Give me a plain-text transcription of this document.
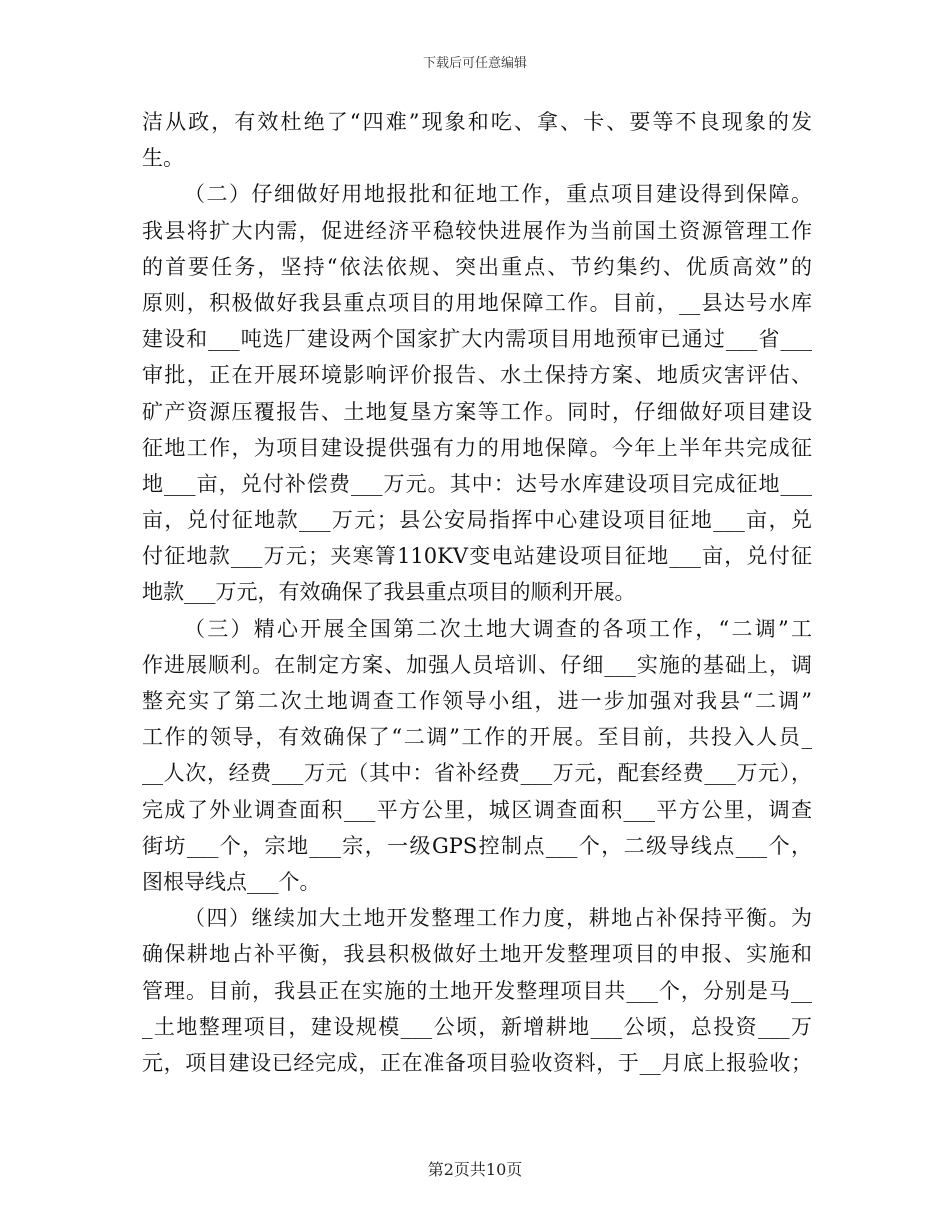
下载后可任意编辑
洁从政，有效杜绝了“四难”现象和吃、拿、卡、要等不良现象的发
生。
（二）仔细做好用地报批和征地工作，重点项目建设得到保障。
我县将扩大内需，促进经济平稳较快进展作为当前国土资源管理工作
的首要任务，坚持“依法依规、突出重点、节约集约、优质高效”的
原则，积极做好我县重点项目的用地保障工作。目前，__县达号水库
建设和___吨选厂建设两个国家扩大内需项目用地预审已通过___省___
审批，正在开展环境影响评价报告、水土保持方案、地质灾害评估、
矿产资源压覆报告、土地复垦方案等工作。同时，仔细做好项目建设
征地工作，为项目建设提供强有力的用地保障。今年上半年共完成征
地___亩，兑付补偿费___万元。其中：达号水库建设项目完成征地___
亩，兑付征地款___万元；县公安局指挥中心建设项目征地___亩，兑
付征地款___万元；夹寒箐110KV变电站建设项目征地___亩，兑付征
地款___万元，有效确保了我县重点项目的顺利开展。
（三）精心开展全国第二次土地大调查的各项工作，“二调”工
作进展顺利。在制定方案、加强人员培训、仔细___实施的基础上，调
整充实了第二次土地调查工作领导小组，进一步加强对我县“二调”
工作的领导，有效确保了“二调”工作的开展。至目前，共投入人员_
__人次，经费___万元（其中：省补经费___万元，配套经费___万元），
完成了外业调查面积___平方公里，城区调查面积___平方公里，调查
街坊___个，宗地___宗，一级GPS控制点___个，二级导线点___个，
图根导线点___个。
（四）继续加大土地开发整理工作力度，耕地占补保持平衡。为
确保耕地占补平衡，我县积极做好土地开发整理项目的申报、实施和
管理。目前，我县正在实施的土地开发整理项目共___个，分别是马__
_土地整理项目，建设规模___公顷，新增耕地___公顷，总投资___万
元，项目建设已经完成，正在准备项目验收资料，于__月底上报验收；
第2页共10页
